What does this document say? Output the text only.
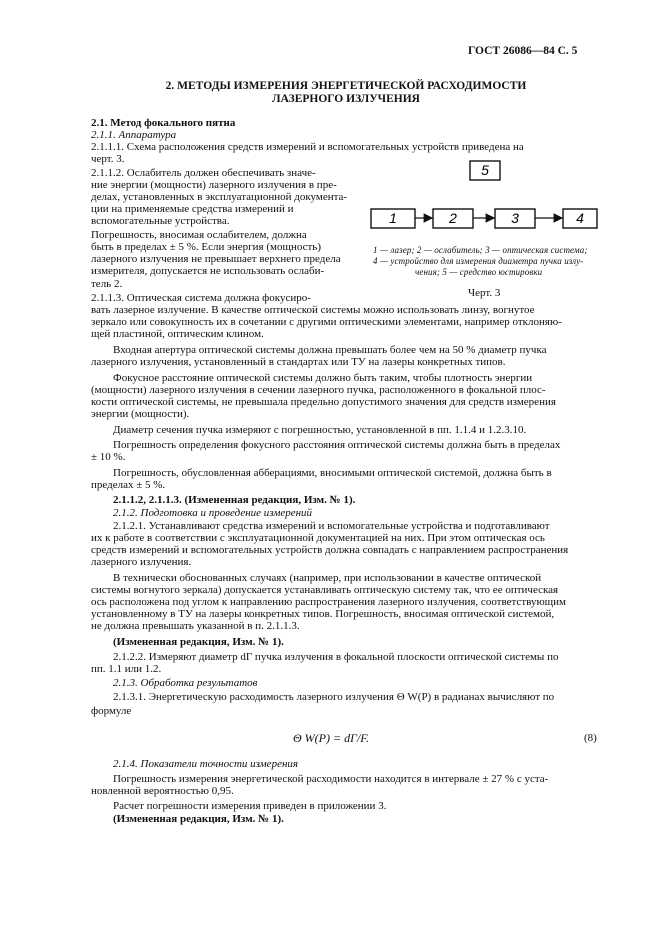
ГОСТ 26086—84 С. 5
2. МЕТОДЫ ИЗМЕРЕНИЯ ЭНЕРГЕТИЧЕСКОЙ РАСХОДИМОСТИ
ЛАЗЕРНОГО ИЗЛУЧЕНИЯ
2.1. Метод фокального пятна
2.1.1. Аппаратура
2.1.1.1. Схема расположения средств измерений и вспомогательных устройств приведена на
черт. 3.
2.1.1.2. Ослабитель должен обеспечивать значе-
ние энергии (мощности) лазерного излучения в пре-
делах, установленных в эксплуатационной документа-
ции на применяемые средства измерений и
вспомогательные устройства.
Погрешность, вносимая ослабителем, должна
быть в пределах ± 5 %. Если энергия (мощность)
лазерного излучения не превышает верхнего предела
измерителя, допускается не использовать ослаби-
тель 2.
2.1.1.3. Оптическая система должна фокусиро-
5
1	2	3	4
1 — лазер; 2 — ослабитель; 3 — оптическая система;
4 — устройство для измерения диаметра пучка излу-
чения; 5 — средство юстировки
Черт. 3
вать лазерное излучение. В качестве оптической системы можно использовать линзу, вогнутое
зеркало или совокупность их в сочетании с другими оптическими элементами, например отклоняю-
щей пластиной, оптическим клином.
Входная апертура оптической системы должна превышать более чем на 50 % диаметр пучка
лазерного излучения, установленный в стандартах или ТУ на лазеры конкретных типов.
Фокусное расстояние оптической системы должно быть таким, чтобы плотность энергии
(мощности) лазерного излучения в сечении лазерного пучка, расположенного в фокальной плос-
кости оптической системы, не превышала предельно допустимого значения для средств измерения
энергии (мощности).
Диаметр сечения пучка измеряют с погрешностью, установленной в пп. 1.1.4 и 1.2.3.10.
Погрешность определения фокусного расстояния оптической системы должна быть в пределах
± 10 %.
Погрешность, обусловленная абберациями, вносимыми оптической системой, должна быть в
пределах ± 5 %.
2.1.1.2, 2.1.1.3. (Измененная редакция, Изм. № 1).
2.1.2. Подготовка и проведение измерений
2.1.2.1. Устанавливают средства измерений и вспомогательные устройства и подготавливают
их к работе в соответствии с эксплуатационной документацией на них. При этом оптическая ось
средств измерений и вспомогательных устройств должна совпадать с направлением распространения
лазерного излучения.
В технически обоснованных случаях (например, при использовании в качестве оптической
системы вогнутого зеркала) допускается устанавливать оптическую систему так, что ее оптическая
ось расположена под углом к направлению распространения лазерного излучения, соответствующим
установленному в ТУ на лазеры конкретных типов. Погрешность, вносимая оптической системой,
не должна превышать указанной в п. 2.1.1.3.
(Измененная редакция, Изм. № 1).
2.1.2.2. Измеряют диаметр dГ пучка излучения в фокальной плоскости оптической системы по
пп. 1.1 или 1.2.
2.1.3. Обработка результатов
2.1.3.1. Энергетическую расходимость лазерного излучения Θ W(P) в радианах вычисляют по
формуле
Θ W(P) = dГ/F.	(8)
2.1.4. Показатели точности измерения
Погрешность измерения энергетической расходимости находится в интервале ± 27 % с уста-
новленной вероятностью 0,95.
Расчет погрешности измерения приведен в приложении 3.
(Измененная редакция, Изм. № 1).
